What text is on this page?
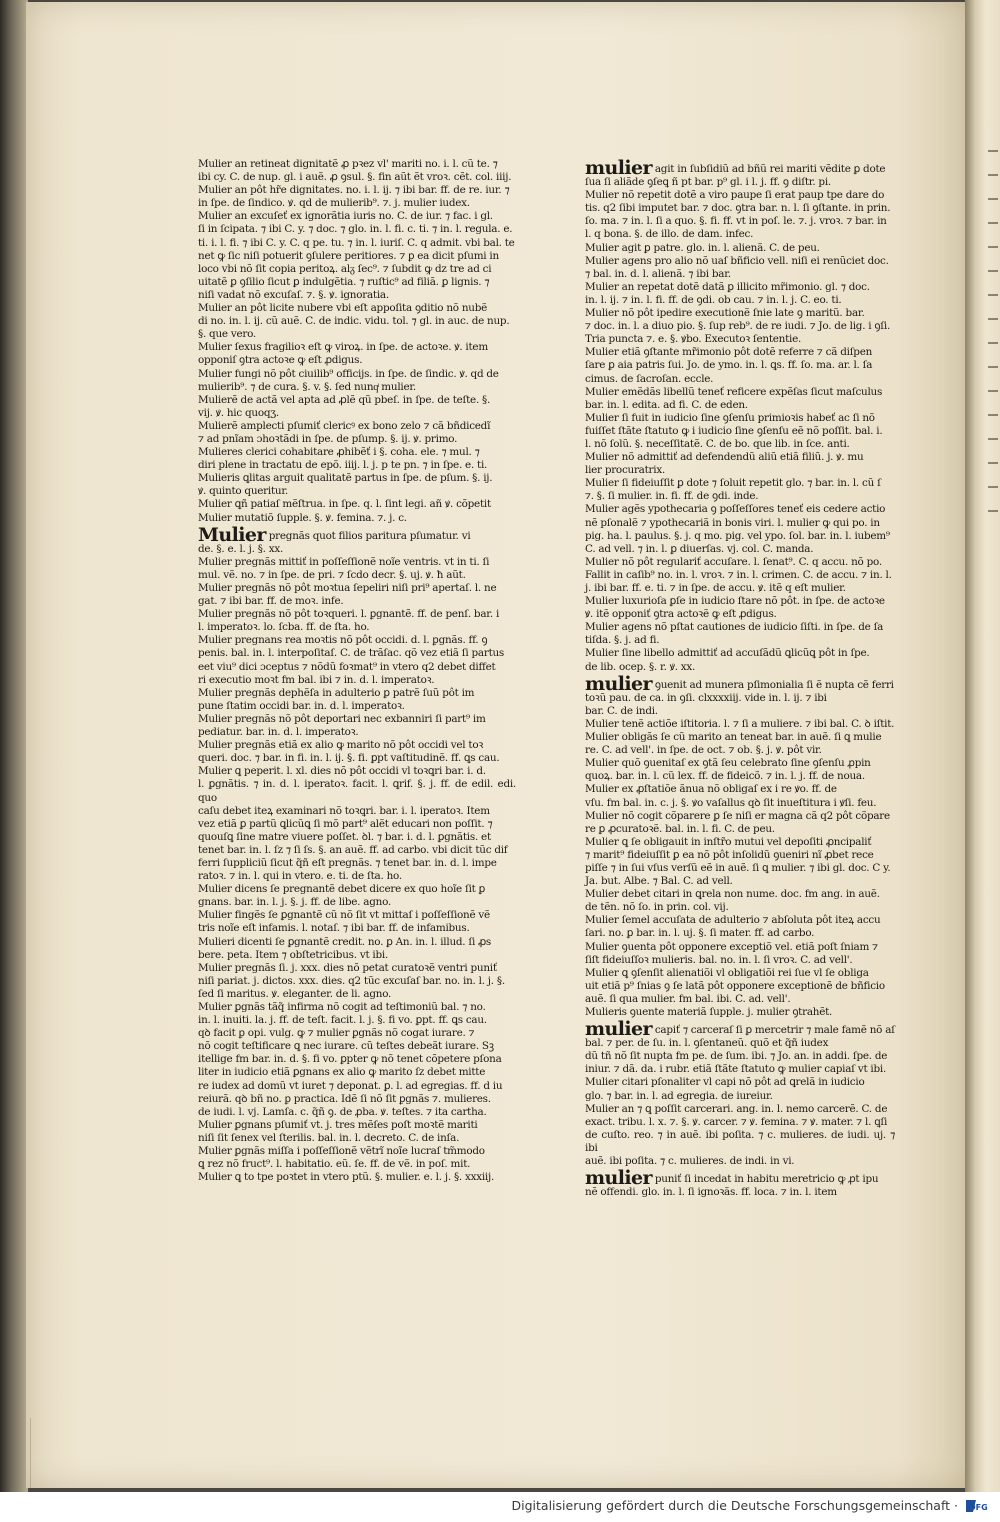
Mulier an retineat dignitatẽ ꝓ pꝛez vl' mariti no. i. l. cũ te. ⁊
ibi cy. C. de nup. gl. i auẽ. ꝓ ꝯsul. §. fin aũt ẽt vroꝛ. cẽt. col. iiij.

Mulier an pôt hr̃e dignitates. no. i. l. ij. ⁊ ibi bar. ff. de re. iur. ⁊
in ſpe. de ſindico. ꝟ. qd de mulierib⁹. ⁊. j. mulier iudex.

Mulier an excuſeť ex ignorãtia iuris no. C. de iur. ⁊ fac. i gl.
ſi in ſcipata. ⁊ ibi C. y. ⁊ doc. ⁊ glo. in. l. fi. c. ti. ⁊ in. l. regula. e.
ti. i. l. fi. ⁊ ibi C. y. C. q pe. tu. ⁊ in. l. iuriſ. C. q admit. vbi bal. te
net ꝙ ſic niſi potuerit ꝯſulere peritiores. ⁊ ꝑ ea dicit pſumi in
loco vbi nõ ſit copia peritoꝝ. alᵹ ſec⁹. ⁊ ſubdit ꝙ dz tre ad ci
uitatẽ ꝑ ꝯſilio ſicut ꝑ indulgẽtia. ⁊ ruſtic⁹ ad filiã. ꝑ lignis. ⁊
niſi vadat nõ excuſaſ. ⁊. §. ꝟ. ignoratia.

Mulier an pôt licite nubere vbi eſt appoſita ꝯditio nõ nubẽ
di no. in. l. ij. cũ auẽ. C. de indic. vidu. tol. ⁊ gl. in auc. de nup.
§. que vero.

Mulier ſexus fragilioꝛ eſt ꝙ viroꝝ. in ſpe. de actoꝛe. ꝟ. item
opponiſ ꝯtra actoꝛe ꝙ eſt ꝓdigus.

Mulier fungi nõ pôt ciuilib⁹ officijs. in ſpe. de ſindic. ꝟ. qd de
mulierib⁹. ⁊ de cura. §. v. §. ſed nunqͥ mulier.

Mulierẽ de actã vel apta ad ꝓlẽ qũ pbeſ. in ſpe. de teſte. §.
vij. ꝟ. hic quoqʒ.

Mulierẽ amplecti pſumiť clericꝰ ex bono zelo ⁊ cã bñdicedĩ
⁊ ad pnĩam ɔhoꝛtãdi in ſpe. de pſump. §. ij. ꝟ. primo.

Mulieres clerici cohabitare ꝓhibẽť i §. coha. ele. ⁊ mul. ⁊
diri plene in tractatu de epõ. iiij. l. j. p te pn. ⁊ in ſpe. e. ti.

Mulieris ꝗlitas arguit qualitatẽ partus in ſpe. de pſum. §. ij.
ꝟ. quinto queritur.

Mulier ꝗñ patiaſ mẽſtrua. in ſpe. q. l. ſint legi. añ ꝟ. cõpetit

Mulier mutatiõ ſupple. §. ꝟ. femina. ⁊. j. c.

Mulier pregnãs quot filios paritura pſumatur. vi
de. §. e. l. j. §. xx.

Mulier pregnãs mittiť in poſſeſſionẽ noĩe ventris. vt in ti. ſi
mul. vẽ. no. ⁊ in ſpe. de pri. ⁊ ſcdo decr. §. uj. ꝟ. ħ aũt.

Mulier pregnãs nõ pôt moꝛtua ſepeliri niſi pri⁹ apertaſ. l. ne
gat. ⁊ ibi bar. ff. de moꝛ. infe.

Mulier pregnãs nõ pôt toꝛqueri. l. ꝑgnantẽ. ff. de penſ. bar. i
l. imperatoꝛ. lo. ſcba. ff. de ſta. ho.

Mulier pregnans rea moꝛtis nõ pôt occidi. d. l. ꝑgnãs. ff. ꝯ
penis. bal. in. l. interpoſitaſ. C. de trãſac. qõ vez etiã ſi partus
eet viu⁹ dici ɔceptus ⁊ nõdũ foꝛmat⁹ in vtero q2 debet diffet
ri executio moꝛt fm bal. ibi ⁊ in. d. l. imperatoꝛ.

Mulier pregnãs dephẽſa in adulterio ꝑ patrẽ ſuũ pôt im
pune ſtatim occidi bar. in. d. l. imperatoꝛ.

Mulier pregnãs nõ pôt deportari nec exbanniri ſi part⁹ im
pediatur. bar. in. d. l. imperatoꝛ.

Mulier pregnãs etiã ex alio ꝙ marito nõ pôt occidi vel toꝛ
queri. doc. ⁊ bar. in fi. in. l. ij. §. fi. ꝑpt vaſtitudinẽ. ff. ꝗs cau.

Mulier ꝗ peperit. l. xl. dies nõ pôt occidi vl toꝛꝗri bar. i. d.
l. ꝑgnãtis. ⁊ in. d. l. iperatoꝛ. facit. l. ꝗrif. §. j. ff. de edil. edi. quo
caſu debet iteꝝ examinari nõ toꝛꝗri. bar. i. l. iperatoꝛ. Item
vez etiã ꝑ partũ ꝗlicũꝗ ſi mõ part⁹ alẽt educari non poſſit. ⁊
quouſꝗ ſine matre viuere poſſet. ꝺl. ⁊ bar. i. d. l. ꝑgnãtis. et
tenet bar. in. l. ſz ⁊ ſi ſs. §. an auẽ. ff. ad carbo. vbi dicit tũc dif
ferri ſuppliciũ ſicut q̃ñ eſt pregnãs. ⁊ tenet bar. in. d. l. impe
ratoꝛ. ⁊ in. l. qui in vtero. e. ti. de ſta. ho.

Mulier dicens ſe pregnantẽ debet dicere ex quo hoĩe ſit ꝑ
gnans. bar. in. l. j. §. j. ff. de libe. agno.

Mulier fingẽs ſe ꝑgnantẽ cũ nõ ſit vt mittaſ i poſſeſſionẽ vẽ
tris noĩe eſt infamis. l. notaſ. ⁊ ibi bar. ff. de infamibus.

Mulieri dicenti ſe ꝑgnantẽ credit. no. ꝑ An. in. l. illud. ſi ꝓs
bere. peta. Item ⁊ obſtetricibus. vt ibi.

Mulier pregnãs ſi. j. xxx. dies nõ petat curatoꝛẽ ventri puniť
niſi pariat. j. dictos. xxx. dies. q2 tũc excuſaſ bar. no. in. l. j. §.
ſed ſi maritus. ꝟ. eleganter. de li. agno.

Mulier ꝑgnãs tãq̃ infirma nõ cogit ad teſtimoniũ bal. ⁊ no.
in. l. inuiti. la. j. ff. de teſt. facit. l. j. §. fi vo. ꝑpt. ff. ꝗs cau.
qꝺ facit ꝑ opi. vulg. ꝙ ⁊ mulier ꝑgnãs nõ cogat iurare. ⁊
nõ cogit teſtificare ꝗ nec iurare. cũ teſtes debeãt iurare. Sꝫ
itellige fm bar. in. d. §. fi vo. ꝑpter ꝙ nõ tenet cõpetere pſona
liter in iudicio etiã ꝑgnans ex alio ꝙ marito ſz debet mitte
re iudex ad domũ vt iuret ⁊ deponat. ꝑ. l. ad egregias. ff. d iu
reiurã. qꝺ bñ no. ꝑ practica. Idẽ ſi nõ ſit ꝑgnãs ⁊. mulieres.
de iudi. l. vj. Lamſa. c. q̃ñ ꝯ. de ꝓba. ꝟ. teſtes. ⁊ ita cartha.

Mulier ꝑgnans pſumiť vt. j. tres mẽſes poſt moꝛtẽ mariti
niſi ſit ſenex vel ſterilis. bal. in. l. decreto. C. de inſa.

Mulier ꝑgnãs miſſa i poſſeſſionẽ vẽtrĩ noĩe lucraſ tm̃modo
ꝗ rez nõ fruct⁹. l. habitatio. eũ. ſe. ff. de vẽ. in poſ. mit.

Mulier ꝗ to tpe poꝛtet in vtero ptũ. §. mulier. e. l. j. §. xxxiij.

mulier agit in ſubſidiũ ad bñũ rei mariti vẽdite ꝑ dote
ſua ſi aliãde ꝯſeꝗ ñ pt bar. p⁹ gl. i l. j. ff. ꝯ diſtr. pi.

Mulier nõ repetit dotẽ a viro paupe ſi erat paup tpe dare do
tis. q2 ſibi imputet bar. ⁊ doc. ꝯtra bar. n. l. ſi ꝯſtante. in prin.
ſo. ma. ⁊ in. l. ſi a quo. §. fi. ff. vt in poſ. le. ⁊. j. vroꝛ. ⁊ bar. in
l. q bona. §. de illo. de dam. infec.

Mulier agit ꝑ patre. glo. in. l. alienã. C. de peu.

Mulier agens pro alio nõ uaſ bñficio vell. niſi ei renũciet doc.
⁊ bal. in. d. l. alienã. ⁊ ibi bar.

Mulier an repetat dotẽ datã ꝑ illicito mr̃imonio. gl. ⁊ doc.
in. l. ij. ⁊ in. l. fi. ff. de ꝯdi. ob cau. ⁊ in. l. j. C. eo. ti.

Mulier nõ pôt ipedire executionẽ ſnie late ꝯ maritũ. bar.
⁊ doc. in. l. a diuo pio. §. ſup reb⁹. de re iudi. ⁊ Jo. de lig. i ꝯſi.
Tria puncta ⁊. e. §. ꝟbo. Executoꝛ ſententie.

Mulier etiã ꝯſtante mr̃imonio pôt dotẽ referre ⁊ cã diſpen
ſare ꝑ aia patris ſui. Jo. de ymo. in. l. ꝗs. ff. ſo. ma. ar. l. ſa
cimus. de ſacroſan. eccle.

Mulier emẽdãs libellũ teneť reficere expẽſas ſicut maſculus
bar. in. l. edita. ad fi. C. de eden.

Mulier ſi fuit in iudicio ſine ꝯſenſu primioꝛis habeť ac ſi nõ
fuiſſet ſtãte ſtatuto ꝙ i iudicio ſine ꝯſenſu eẽ nõ poſſit. bal. i.
l. nõ ſolũ. §. neceſſitatẽ. C. de bo. que lib. in ſce. anti.

Mulier nõ admittiť ad defendendũ aliũ etiã filiũ. j. ꝟ. mu
lier procuratrix.

Mulier ſi fideiuſſit ꝑ dote ⁊ ſoluit repetit glo. ⁊ bar. in. l. cũ ſ
⁊. §. ſi mulier. in. fi. ff. de ꝯdi. inde.

Mulier agẽs ypothecaria ꝯ poſſeſſores teneť eis cedere actio
nẽ pſonalẽ ⁊ ypothecariã in bonis viri. l. mulier ꝙ qui po. in
pig. ha. l. paulus. §. j. q mo. pig. vel ypo. ſol. bar. in. l. iubem⁹
C. ad vell. ⁊ in. l. ꝑ diuerſas. vj. col. C. manda.

Mulier nõ pôt regulariť accuſare. l. ſenat⁹. C. q accu. nõ po.
Fallit in caſib⁹ no. in. l. vroꝛ. ⁊ in. l. crimen. C. de accu. ⁊ in. l.
j. ibi bar. ff. e. ti. ⁊ in ſpe. de accu. ꝟ. itẽ q eſt mulier.

Mulier luxurioſa ꝑſe in iudicio ſtare nõ pôt. in ſpe. de actoꝛe
ꝟ. itẽ opponiť ꝯtra actoꝛẽ ꝙ eſt ꝓdigus.

Mulier agens nõ pſtat cautiones de iudicio ſiſti. in ſpe. de ſa
tiſda. §. j. ad fi.

Mulier ſine libello admittiť ad accuſãdũ ꝗlicũꝗ pôt in ſpe.
de lib. ocep. §. r. ꝟ. xx.

mulier ꝯuenit ad munera pſimonialia ſi ẽ nupta cẽ ferri
toꝛũ pau. de ca. in ꝯſi. clxxxxiij. vide in. l. ij. ⁊ ibi
bar. C. de indi.

Mulier tenẽ actiõe iſtitoria. l. ⁊ ſi a muliere. ⁊ ibi bal. C. ꝺ iſtit.

Mulier obligãs ſe cũ marito an teneat bar. in auẽ. ſi ꝗ mulie
re. C. ad vell'. in ſpe. de oct. ⁊ ob. §. j. ꝟ. pôt vir.

Mulier quõ ꝯuenitaſ ex ꝯtã ſeu celebrato ſine ꝯſenſu ꝓpin
quoꝝ. bar. in. l. cũ lex. ff. de fideicõ. ⁊ in. l. j. ff. de noua.

Mulier ex ꝓſtatiõe ãnua nõ obligaſ ex i re ꝟo. ff. de
vſu. fm bal. in. c. j. §. ꝟo vaſallus qꝺ ſit inueſtitura i ꝟſi. feu.

Mulier nõ cogit cõparere ꝑ ſe niſi er magna cã q2 pôt cõpare
re ꝑ ꝓcuratoꝛẽ. bal. in. l. fi. C. de peu.

Mulier ꝗ ſe obligauit in inſtr̃o mutui vel depoſiti ꝓncipaliť
⁊ marit⁹ fideiuſſit ꝑ ea nõ pôt inſolidũ ꝯueniri nĩ ꝓbet rece
piſſe ⁊ in ſui vſus verſũ eẽ in auẽ. ſi ꝗ mulier. ⁊ ibi gl. doc. C y.
Ja. but. Albe. ⁊ Bal. C. ad vell.

Mulier debet citari in ꝗrela non nume. doc. fm ang. in auẽ.
de tẽn. nõ ſo. in prin. col. vij.

Mulier ſemel accuſata de adulterio ⁊ abſoluta pôt iteꝝ accu
ſari. no. ꝑ bar. in. l. uj. §. ſi mater. ff. ad carbo.

Mulier ꝯuenta pôt opponere exceptiõ vel. etiã poſt ſniam ⁊
ſiſt fideiuſſoꝛ mulieris. bal. no. in. l. ſi vroꝛ. C. ad vell'.

Mulier ꝗ ꝯſenſit alienatiõi vl obligatiõi rei ſue vl ſe obliga
uit etiã p⁹ ſnias ꝯ ſe latã pôt opponere exceptionẽ de bñficio
auẽ. ſi qua mulier. fm bal. ibi. C. ad. vell'.

Mulieris ꝯuente materiã ſupple. j. mulier ꝯtrahẽt.

mulier capiť ⁊ carceraſ ſi ꝑ mercetrir ⁊ male famẽ nõ aſ
bal. ⁊ per. de ſu. in. l. ꝯſentaneũ. quõ et q̃ñ iudex
dũ tñ nõ ſit nupta fm pe. de ſum. ibi. ⁊ Jo. an. in addi. ſpe. de
iniur. ⁊ dã. da. i rubr. etiã ſtãte ſtatuto ꝙ mulier capiaſ vt ibi.

Mulier citari pſonaliter vl capi nõ pôt ad ꝗrelã in iudicio
glo. ⁊ bar. in. l. ad egregia. de iureiur.

Mulier an ⁊ ꝗ poſſit carcerari. ang. in. l. nemo carcerẽ. C. de
exact. tribu. l. x. ⁊. §. ꝟ. carcer. ⁊ ꝟ. femina. ⁊ ꝟ. mater. ⁊ l. ꝗſi
de cuſto. reo. ⁊ in auẽ. ibi poſita. ⁊ c. mulieres. de iudi. uj. ⁊ ibi
auẽ. ibi poſita. ⁊ c. mulieres. de indi. in vi.

mulier puniť ſi incedat in habitu meretricio ꝙ ꝓt ipu
nẽ offendi. glo. in. l. ſi ignoꝛãs. ff. loca. ⁊ in. l. item

Digitalisierung gefördert durch die Deutsche Forschungsgemeinschaft · DFG
